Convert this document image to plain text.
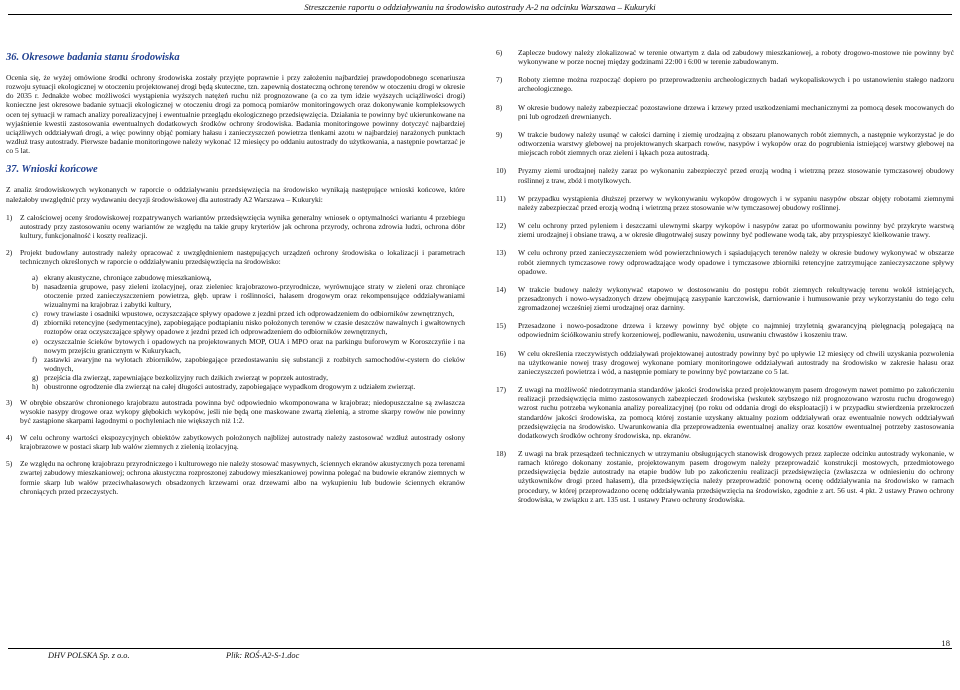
Streszczenie raportu o oddziaływaniu na środowisko autostrady A-2 na odcinku Warszawa – Kukuryki
36. Okresowe badania stanu środowiska

Ocenia się, że wyżej omówione środki ochrony środowiska zostały przyjęte poprawnie i przy założeniu najbardziej prawdopodobnego scenariusza rozwoju sytuacji ekologicznej w otoczeniu projektowanej drogi będą skuteczne, tzn. zapewnią dostateczną ochronę terenów w otoczeniu drogi w okresie do 2035 r. Jednakże wobec możliwości wystąpienia wyższych natężeń ruchu niż prognozowane (a co za tym idzie wyższych uciążliwości drogi) konieczne jest okresowe badanie sytuacji ekologicznej w otoczeniu drogi za pomocą pomiarów monitoringowych oraz dokonywanie kompleksowych ocen tej sytuacji w ramach analizy porealizacyjnej i ewentualnie przeglądu ekologicznego przedsięwzięcia. Działania te powinny być ukierunkowane na wyjaśnienie kwestii zastosowania ewentualnych dodatkowych środków ochrony środowiska. Badania monitoringowe powinny dotyczyć najbardziej uciążliwych oddziaływań drogi, a więc powinny objąć pomiary hałasu i zanieczyszczeń powietrza tlenkami azotu w najbardziej narażonych punktach wzdłuż trasy autostrady. Pierwsze badanie monitoringowe należy wykonać 12 miesięcy po oddaniu autostrady do użytkowania, a następnie powtarzać je co 5 lat.

37. Wnioski końcowe

Z analiz środowiskowych wykonanych w raporcie o oddziaływaniu przedsięwzięcia na środowisko wynikają następujące wnioski końcowe, które należałoby uwzględnić przy wydawaniu decyzji środowiskowej dla autostrady A2 Warszawa – Kukuryki:

1)	Z całościowej oceny środowiskowej rozpatrywanych wariantów przedsięwzięcia wynika generalny wniosek o optymalności wariantu 4 przebiegu autostrady przy zastosowaniu oceny wariantów ze względu na takie grupy kryteriów jak ochrona przyrody, ochrona zdrowia ludzi, ochrona dóbr kultury, funkcjonalność i koszty realizacji.
2)	Projekt budowlany autostrady należy opracować z uwzględnieniem następujących urządzeń ochrony środowiska o lokalizacji i parametrach technicznych określonych w raporcie o oddziaływaniu przedsięwzięcia na środowisko:
a) ekrany akustyczne, chroniące zabudowę mieszkaniową,
b) nasadzenia grupowe, pasy zieleni izolacyjnej, oraz zieleniec krajobrazowo-przyrodnicze, wyrównujące straty w zieleni oraz chroniące otoczenie przed zanieczyszczeniem powietrza, głęb. upraw i roślinności, hałasem drogowym oraz rekompensujące oddziaływaniami wizualnymi na krajobraz i zabytki kultury,
c) rowy trawiaste i osadniki wpustowe, oczyszczające spływy opadowe z jezdni przed ich odprowadzeniem do odbiorników zewnętrznych,
d) zbiorniki retencyjne (sedymentacyjne), zapobiegające podtapianiu nisko położonych terenów w czasie deszczów nawalnych i gwałtownych roztopów oraz oczyszczające spływy opadowe z jezdni przed ich odprowadzeniem do odbiorników zewnętrznych,
e) oczyszczalnie ścieków bytowych i opadowych na projektowanych MOP, OUA i MPO oraz na parkingu buforowym w Koroszczyńie i na nowym przejściu granicznym w Kukurykach,
f) zastawki awaryjne na wylotach zbiorników, zapobiegające przedostawaniu się substancji z rozbitych samochodów-cystern do cieków wodnych,
g) przejścia dla zwierząt, zapewniające bezkolizyjny ruch dzikich zwierząt w poprzek autostrady,
h) obustronne ogrodzenie dla zwierząt na całej długości autostrady, zapobiegające wypadkom drogowym z udziałem zwierząt.
3)	W obrębie obszarów chronionego krajobrazu autostrada powinna być odpowiednio wkomponowana w krajobraz; niedopuszczalne są zwłaszcza wysokie nasypy drogowe oraz wykopy głębokich wykopów, jeśli nie będą one maskowane zwartą zielenią, a strome skarpy rowów nie powinny być zastąpione skarpami łagodnymi o pochyleniach nie większych niż 1:2.
4)	W celu ochrony wartości ekspozycyjnych obiektów zabytkowych położonych najbliżej autostrady należy zastosować wzdłuż autostrady osłony krajobrazowe w postaci skarp lub wałów ziemnych z zielenią izolacyjną.
5)	Ze względu na ochronę krajobrazu przyrodniczego i kulturowego nie należy stosować masywnych, ściennych ekranów akustycznych poza terenami zwartej zabudowy mieszkaniowej; ochrona akustyczna rozproszonej zabudowy mieszkaniowej powinna polegać na budowie ekranów ziemnych w formie skarp lub wałów przeciwhałasowych obsadzonych krzewami oraz drzewami albo na wykupieniu lub budowie ściennych ekranów chroniących przed przeczystych.
6)	Zaplecze budowy należy zlokalizować w terenie otwartym z dala od zabudowy mieszkaniowej, a roboty drogowo-mostowe nie powinny być wykonywane w porze nocnej między godzinami 22:00 i 6:00 w terenie zabudowanym.
7)	Roboty ziemne można rozpocząć dopiero po przeprowadzeniu archeologicznych badań wykopaliskowych i po ustanowieniu stałego nadzoru archeologicznego.
8)	W okresie budowy należy zabezpieczać pozostawione drzewa i krzewy przed uszkodzeniami mechanicznymi za pomocą desek mocowanych do pni lub ogrodzeń drewnianych.
9)	W trakcie budowy należy usunąć w całości darninę i ziemię urodzajną z obszaru planowanych robót ziemnych, a następnie wykorzystać je do odtworzenia warstwy glebowej na projektowanych skarpach rowów, nasypów i wykopów oraz do pogrubienia istniejącej warstwy glebowej na miejscach robót ziemnych oraz zieleni i łąkach poza autostradą.
10)	Pryzmy ziemi urodzajnej należy zaraz po wykonaniu zabezpieczyć przed erozją wodną i wietrzną przez stosowanie tymczasowej obudowy roślinnej z traw, zbóż i motylkowych.
11)	W przypadku wystąpienia dłuższej przerwy w wykonywaniu wykopów drogowych i w sypaniu nasypów obszar objęty robotami ziemnymi należy zabezpieczać przed erozją wodną i wietrzną przez stosowanie w/w tymczasowej obudowy roślinnej.
12)	W celu ochrony przed pyleniem i deszczami ulewnymi skarpy wykopów i nasypów zaraz po uformowaniu powinny być przykryte warstwą ziemi urodzajnej i obsiane trawą, a w okresie długotrwałej suszy powinny być podlewane wodą tak, aby przyspieszyć kiełkowanie trawy.
13)	W celu ochrony przed zanieczyszczeniem wód powierzchniowych i sąsiadujących terenów należy w okresie budowy wykonywać w obszarze robót ziemnych tymczasowe rowy odprowadzające wody opadowe i tymczasowe zbiorniki retencyjne zatrzymujące zanieczyszczone spływy opadowe.
14)	W trakcie budowy należy wykonywać etapowo w dostosowaniu do postępu robót ziemnych rekultywację terenu wokół istniejących, przesadzonych i nowo-wysadzonych drzew obejmującą zasypanie karczowisk, darniowanie i humusowanie przy wykorzystaniu do tego celu zgromadzonej wcześniej ziemi urodzajnej oraz darniny.
15)	Przesadzone i nowo-posadzone drzewa i krzewy powinny być objęte co najmniej trzyletnią gwarancyjną pielęgnacją polegającą na odpowiednim ściółkowaniu strefy korzeniowej, podlewaniu, nawożeniu, usuwaniu chwastów i koszeniu traw.
16)	W celu określenia rzeczywistych oddziaływań projektowanej autostrady powinny być po upływie 12 miesięcy od chwili uzyskania pozwolenia na użytkowanie nowej trasy drogowej wykonane pomiary monitoringowe oddziaływań autostrady na środowisko w zakresie hałasu oraz zanieczyszczeń powietrza i wód, a następnie pomiary te powinny być powtarzane co 5 lat.
17)	Z uwagi na możliwość niedotrzymania standardów jakości środowiska przed projektowanym pasem drogowym nawet pomimo po zakończeniu realizacji przedsięwzięcia mimo zastosowanych zabezpieczeń środowiska (wskutek szybszego niż prognozowano wzrostu ruchu drogowego) wzrost ruchu potrzeba wykonania analizy porealizacyjnej (po roku od oddania drogi do eksploatacji) i w przypadku stwierdzenia przekroczeń standardów jakości środowiska, za pomocą której zostanie uzyskany aktualny poziom oddziaływań oraz ewentualnie nowych oddziaływań przedsięwzięcia na środowisko. Uwarunkowania dla przeprowadzenia ewentualnej analizy oraz kosztów ewentualnej potrzeby zastosowania dodatkowych środków ochrony środowiska, np. ekranów.
18)	Z uwagi na brak przesądzeń technicznych w utrzymaniu obsługujących stanowisk drogowych przez zaplecze odcinku autostrady wykonanie, w ramach którego dokonany zostanie, projektowanym pasem drogowym należy przeprowadzić konstrukcji mostowych, przedmiotowego przedsięwzięcia będzie autostrady na etapie budów lub po zakończeniu realizacji przedsięwzięcia (zwłaszcza w odniesieniu do ochrony użytkowników drogi przed hałasem), dla przedsięwzięcia należy przeprowadzić ponowną ocenę oddziaływania na środowisko w ramach procedury, w której przeprowadzono ocenę oddziaływania przedsięwzięcia na środowisko, zgodnie z art. 56 ust. 4 pkt. 2 ustawy Prawo ochrony środowiska, w związku z art. 135 ust. 1 ustawy Prawo ochrony środowiska.
18
DHV POLSKA Sp. z o.o.	Plik: ROŚ-A2-S-1.doc
